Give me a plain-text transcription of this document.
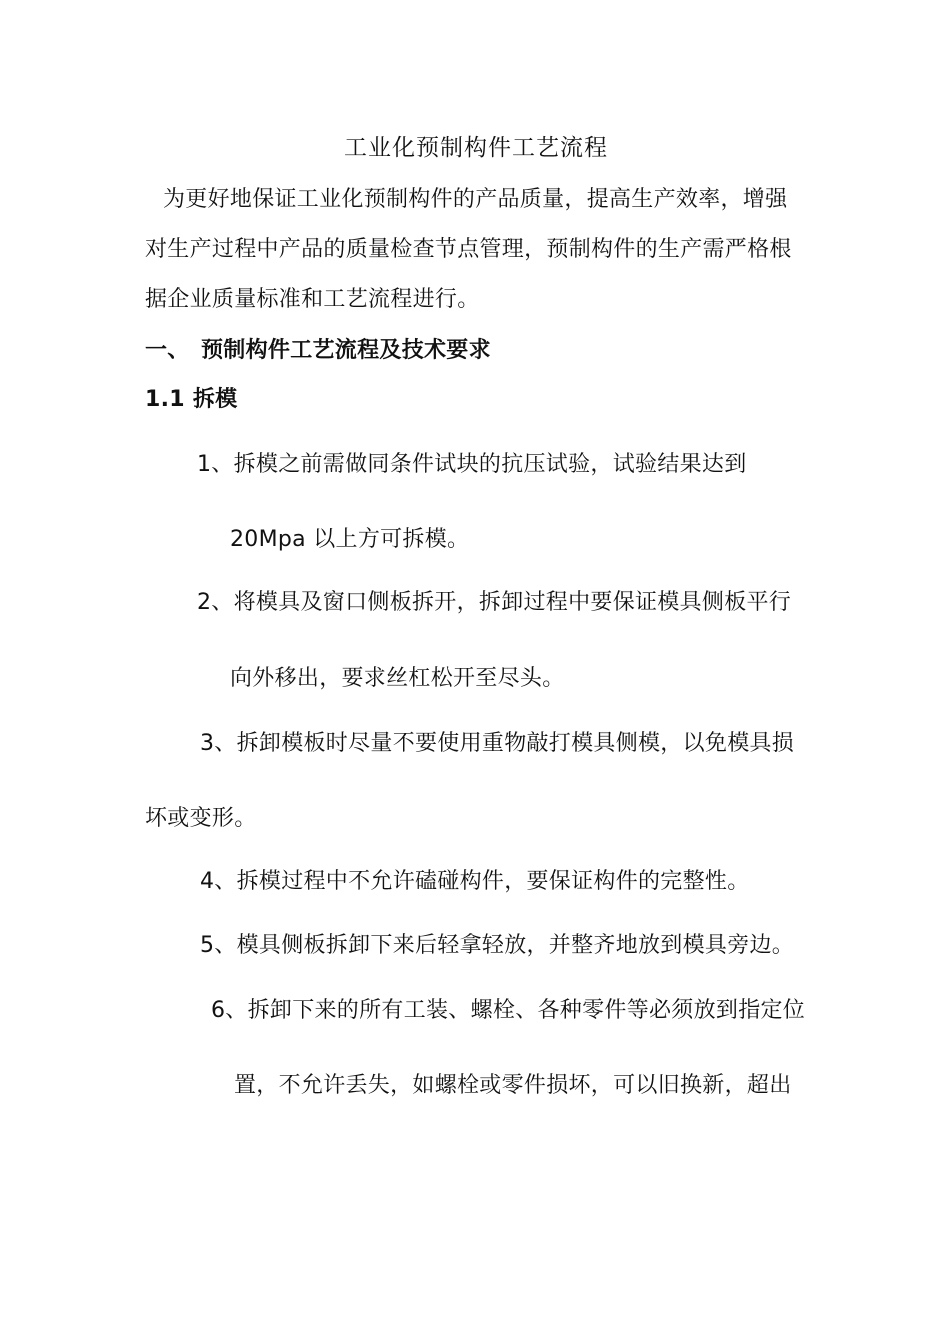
工业化预制构件工艺流程
为更好地保证工业化预制构件的产品质量，提高生产效率，增强
对生产过程中产品的质量检查节点管理，预制构件的生产需严格根
据企业质量标准和工艺流程进行。
一、 预制构件工艺流程及技术要求
1.1 拆模
1、拆模之前需做同条件试块的抗压试验，试验结果达到
20Mpa 以上方可拆模。
2、将模具及窗口侧板拆开，拆卸过程中要保证模具侧板平行
向外移出，要求丝杠松开至尽头。
3、拆卸模板时尽量不要使用重物敲打模具侧模，以免模具损
坏或变形。
4、拆模过程中不允许磕碰构件，要保证构件的完整性。
5、模具侧板拆卸下来后轻拿轻放，并整齐地放到模具旁边。
6、拆卸下来的所有工装、螺栓、各种零件等必须放到指定位
置，不允许丢失，如螺栓或零件损坏，可以旧换新，超出
